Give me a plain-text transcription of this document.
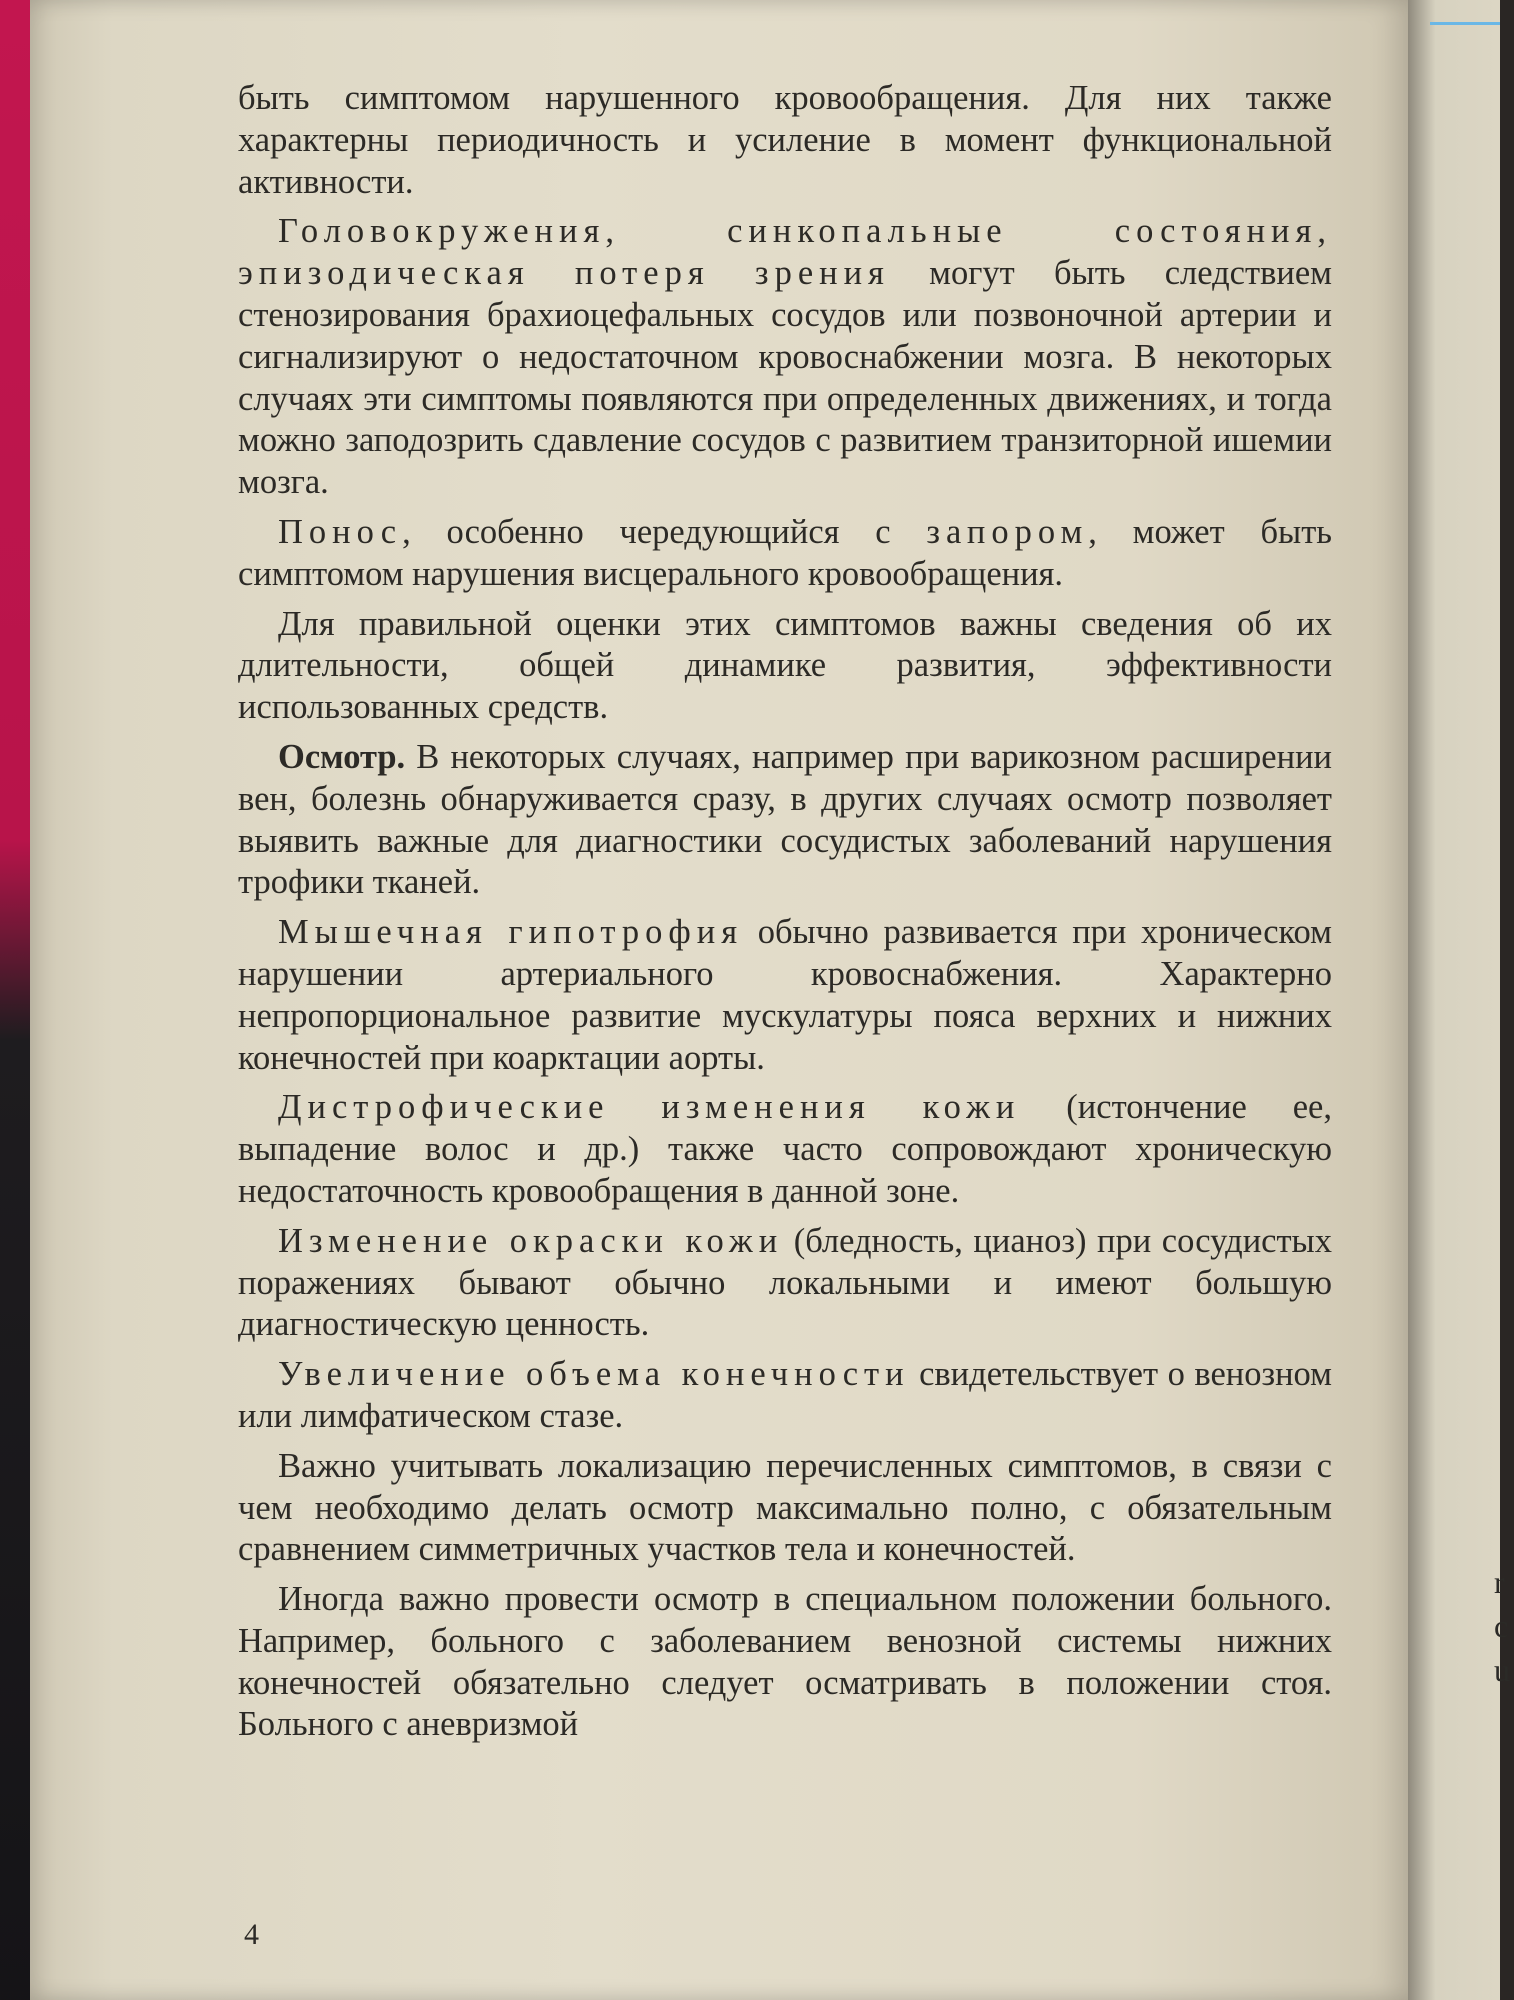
r c u

быть симптомом нарушенного кровообращения. Для них также характерны периодичность и усиление в момент функциональной активности.

Головокружения, синкопальные состояния, эпизодическая потеря зрения могут быть следствием стенозирования брахиоцефальных сосудов или позвоночной артерии и сигнализируют о недостаточном кровоснабжении мозга. В некоторых случаях эти симптомы появляются при определенных движениях, и тогда можно заподозрить сдавление сосудов с развитием транзиторной ишемии мозга.

Понос, особенно чередующийся с запором, может быть симптомом нарушения висцерального кровообращения.

Для правильной оценки этих симптомов важны сведения об их длительности, общей динамике развития, эффективности использованных средств.

Осмотр. В некоторых случаях, например при варикозном расширении вен, болезнь обнаруживается сразу, в других случаях осмотр позволяет выявить важные для диагностики сосудистых заболеваний нарушения трофики тканей.

Мышечная гипотрофия обычно развивается при хроническом нарушении артериального кровоснабжения. Характерно непропорциональное развитие мускулатуры пояса верхних и нижних конечностей при коарктации аорты.

Дистрофические изменения кожи (истончение ее, выпадение волос и др.) также часто сопровождают хроническую недостаточность кровообращения в данной зоне.

Изменение окраски кожи (бледность, цианоз) при сосудистых поражениях бывают обычно локальными и имеют большую диагностическую ценность.

Увеличение объема конечности свидетельствует о венозном или лимфатическом стазе.

Важно учитывать локализацию перечисленных симптомов, в связи с чем необходимо делать осмотр максимально полно, с обязательным сравнением симметричных участков тела и конечностей.

Иногда важно провести осмотр в специальном положении больного. Например, больного с заболеванием венозной системы нижних конечностей обязательно следует осматривать в положении стоя. Больного с аневризмой

4
